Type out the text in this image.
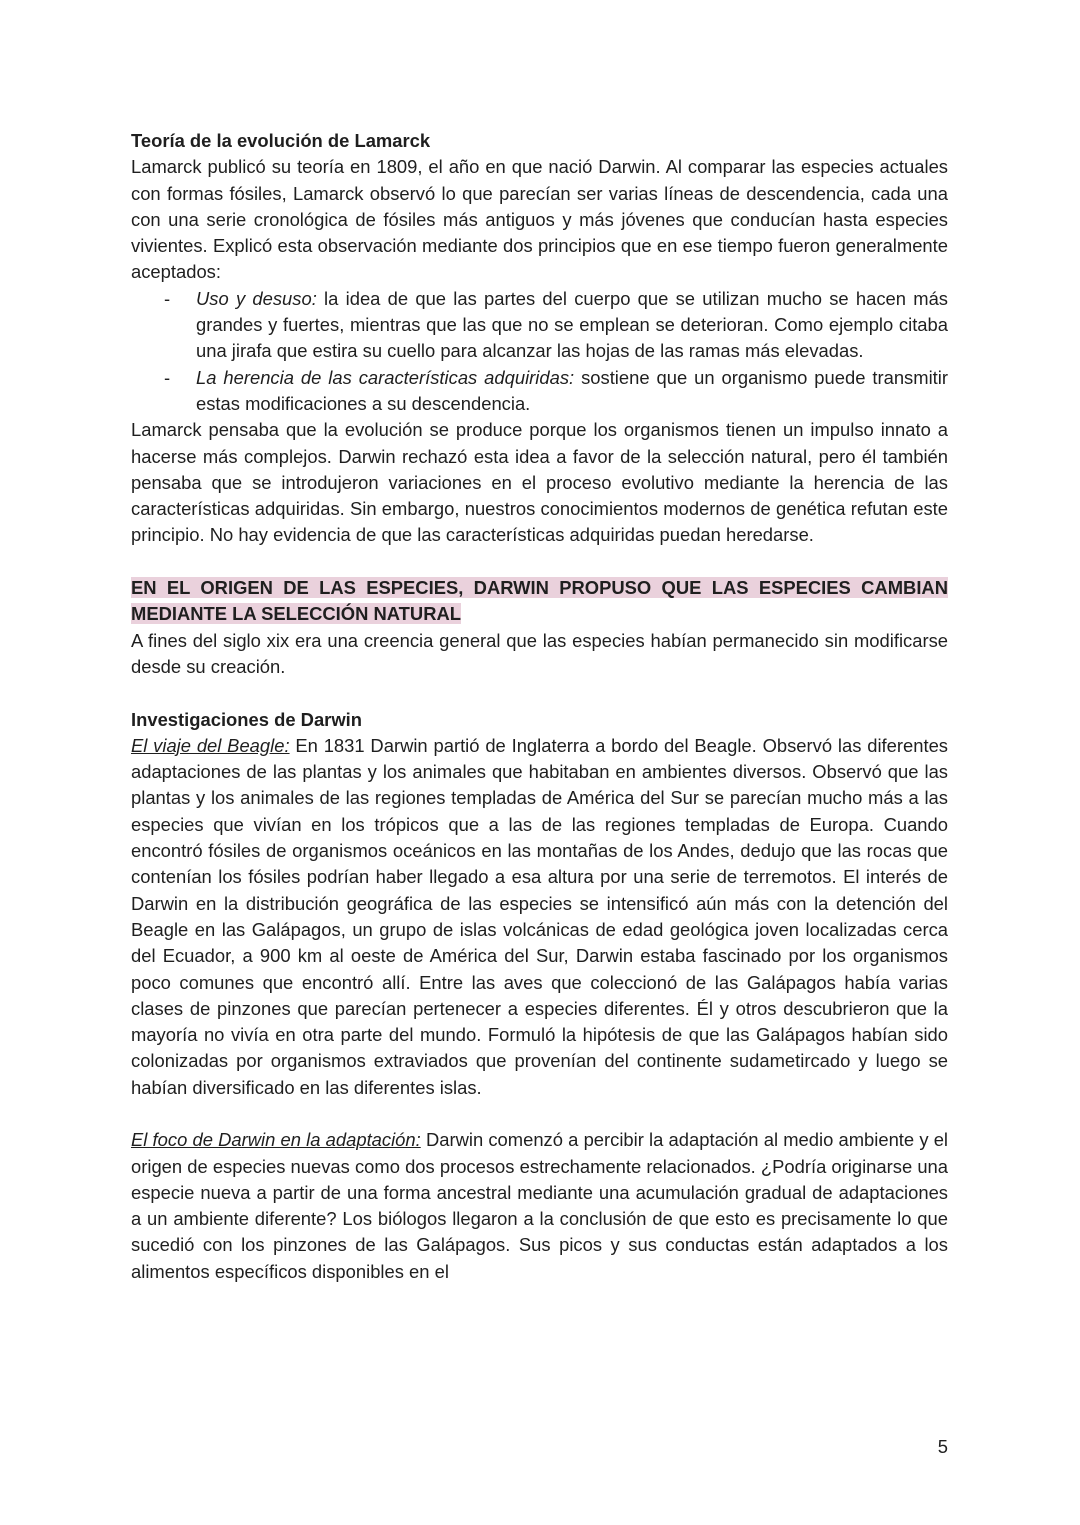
Teoría de la evolución de Lamarck

Lamarck publicó su teoría en 1809, el año en que nació Darwin. Al comparar las especies actuales con formas fósiles, Lamarck observó lo que parecían ser varias líneas de descendencia, cada una con una serie cronológica de fósiles más antiguos y más jóvenes que conducían hasta especies vivientes. Explicó esta observación mediante dos principios que en ese tiempo fueron generalmente aceptados:

- Uso y desuso: la idea de que las partes del cuerpo que se utilizan mucho se hacen más grandes y fuertes, mientras que las que no se emplean se deterioran. Como ejemplo citaba una jirafa que estira su cuello para alcanzar las hojas de las ramas más elevadas.
- La herencia de las características adquiridas: sostiene que un organismo puede transmitir estas modificaciones a su descendencia.

Lamarck pensaba que la evolución se produce porque los organismos tienen un impulso innato a hacerse más complejos. Darwin rechazó esta idea a favor de la selección natural, pero él también pensaba que se introdujeron variaciones en el proceso evolutivo mediante la herencia de las características adquiridas. Sin embargo, nuestros conocimientos modernos de genética refutan este principio. No hay evidencia de que las características adquiridas puedan heredarse.

EN EL ORIGEN DE LAS ESPECIES, DARWIN PROPUSO QUE LAS ESPECIES CAMBIAN MEDIANTE LA SELECCIÓN NATURAL

A fines del siglo xix era una creencia general que las especies habían permanecido sin modificarse desde su creación.

Investigaciones de Darwin

El viaje del Beagle: En 1831 Darwin partió de Inglaterra a bordo del Beagle. Observó las diferentes adaptaciones de las plantas y los animales que habitaban en ambientes diversos. Observó que las plantas y los animales de las regiones templadas de América del Sur se parecían mucho más a las especies que vivían en los trópicos que a las de las regiones templadas de Europa. Cuando encontró fósiles de organismos oceánicos en las montañas de los Andes, dedujo que las rocas que contenían los fósiles podrían haber llegado a esa altura por una serie de terremotos. El interés de Darwin en la distribución geográfica de las especies se intensificó aún más con la detención del Beagle en las Galápagos, un grupo de islas volcánicas de edad geológica joven localizadas cerca del Ecuador, a 900 km al oeste de América del Sur, Darwin estaba fascinado por los organismos poco comunes que encontró allí. Entre las aves que coleccionó de las Galápagos había varias clases de pinzones que parecían pertenecer a especies diferentes. Él y otros descubrieron que la mayoría no vivía en otra parte del mundo. Formuló la hipótesis de que las Galápagos habían sido colonizadas por organismos extraviados que provenían del continente sudametircado y luego se habían diversificado en las diferentes islas.

El foco de Darwin en la adaptación: Darwin comenzó a percibir la adaptación al medio ambiente y el origen de especies nuevas como dos procesos estrechamente relacionados. ¿Podría originarse una especie nueva a partir de una forma ancestral mediante una acumulación gradual de adaptaciones a un ambiente diferente? Los biólogos llegaron a la conclusión de que esto es precisamente lo que sucedió con los pinzones de las Galápagos. Sus picos y sus conductas están adaptados a los alimentos específicos disponibles en el

5
